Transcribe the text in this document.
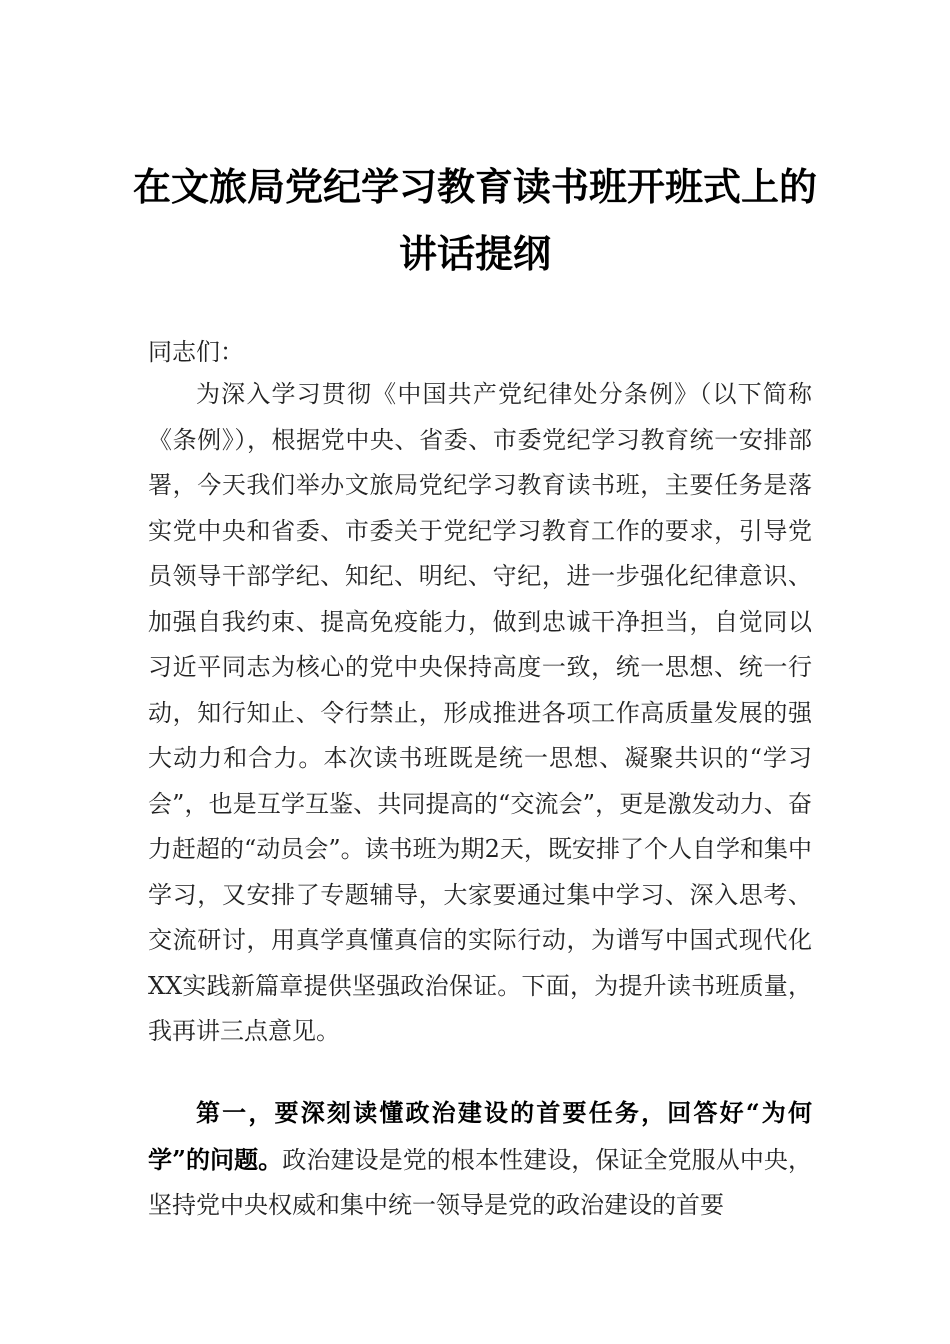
在文旅局党纪学习教育读书班开班式上的
讲话提纲
同志们：

为深入学习贯彻《中国共产党纪律处分条例》（以下简称《条例》），根据党中央、省委、市委党纪学习教育统一安排部署，今天我们举办文旅局党纪学习教育读书班，主要任务是落实党中央和省委、市委关于党纪学习教育工作的要求，引导党员领导干部学纪、知纪、明纪、守纪，进一步强化纪律意识、加强自我约束、提高免疫能力，做到忠诚干净担当，自觉同以习近平同志为核心的党中央保持高度一致，统一思想、统一行动，知行知止、令行禁止，形成推进各项工作高质量发展的强大动力和合力。本次读书班既是统一思想、凝聚共识的“学习会”，也是互学互鉴、共同提高的“交流会”，更是激发动力、奋力赶超的“动员会”。读书班为期2天，既安排了个人自学和集中学习，又安排了专题辅导，大家要通过集中学习、深入思考、交流研讨，用真学真懂真信的实际行动，为谱写中国式现代化XX实践新篇章提供坚强政治保证。下面，为提升读书班质量，我再讲三点意见。

第一，要深刻读懂政治建设的首要任务，回答好“为何学”的问题。政治建设是党的根本性建设，保证全党服从中央，坚持党中央权威和集中统一领导是党的政治建设的首要
